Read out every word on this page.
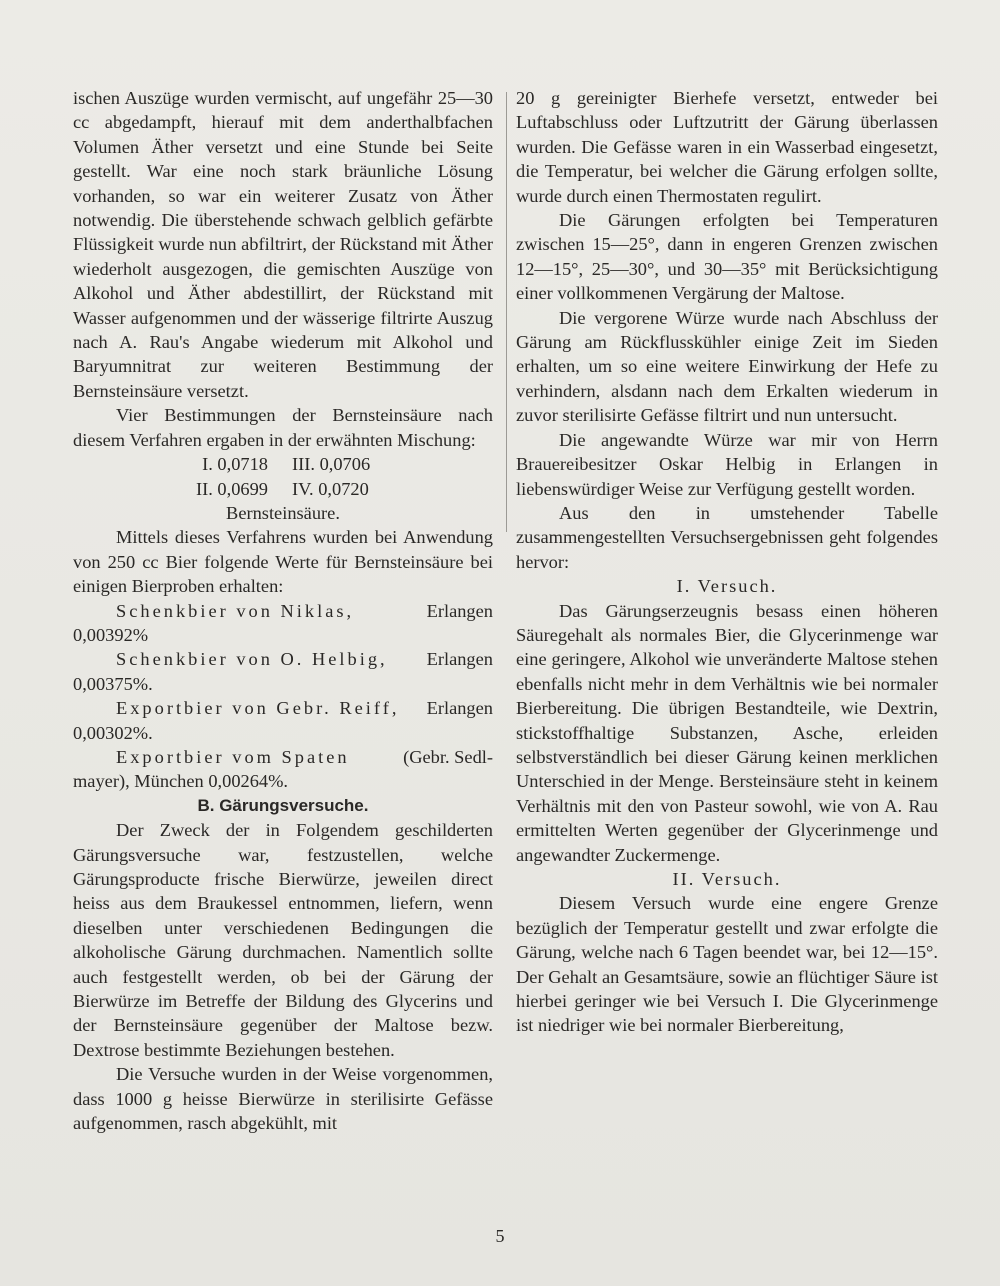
ischen Auszüge wurden vermischt, auf ungefähr 25—30 cc abgedampft, hierauf mit dem anderthalbfachen Volumen Äther versetzt und eine Stunde bei Seite gestellt. War eine noch stark bräunliche Lösung vorhanden, so war ein weiterer Zusatz von Äther notwendig. Die überstehende schwach gelblich gefärbte Flüssigkeit wurde nun abfiltrirt, der Rückstand mit Äther wiederholt ausgezogen, die gemischten Auszüge von Alkohol und Äther abdestillirt, der Rückstand mit Wasser aufgenommen und der wässerige filtrirte Auszug nach A. Rau's Angabe wiederum mit Alkohol und Baryumnitrat zur weiteren Bestimmung der Bernsteinsäure versetzt.

Vier Bestimmungen der Bernsteinsäure nach diesem Verfahren ergaben in der erwähnten Mischung:

I. 0,0718	III. 0,0706
II. 0,0699	IV. 0,0720

Bernsteinsäure.

Mittels dieses Verfahrens wurden bei Anwendung von 250 cc Bier folgende Werte für Bernsteinsäure bei einigen Bierproben erhalten:

Schenkbier von Niklas,	Erlangen

0,00392%

Schenkbier von O. Helbig, Erlangen

0,00375%.

Exportbier von Gebr. Reiff, Erlangen

0,00302%.

Exportbier vom Spaten	(Gebr. Sedl-

mayer), München 0,00264%.

B. Gärungsversuche.

Der Zweck der in Folgendem geschilderten Gärungsversuche war, festzustellen, welche Gärungsproducte frische Bierwürze, jeweilen direct heiss aus dem Braukessel entnommen, liefern, wenn dieselben unter verschiedenen Bedingungen die alkoholische Gärung durchmachen. Namentlich sollte auch festgestellt werden, ob bei der Gärung der Bierwürze im Betreffe der Bildung des Glycerins und der Bernsteinsäure gegenüber der Maltose bezw. Dextrose bestimmte Beziehungen bestehen.

Die Versuche wurden in der Weise vorgenommen, dass 1000 g heisse Bierwürze in sterilisirte Gefässe aufgenommen, rasch abgekühlt, mit

20 g gereinigter Bierhefe versetzt, entweder bei Luftabschluss oder Luftzutritt der Gärung überlassen wurden. Die Gefässe waren in ein Wasserbad eingesetzt, die Temperatur, bei welcher die Gärung erfolgen sollte, wurde durch einen Thermostaten regulirt.

Die Gärungen erfolgten bei Temperaturen zwischen 15—25°, dann in engeren Grenzen zwischen 12—15°, 25—30°, und 30—35° mit Berücksichtigung einer vollkommenen Vergärung der Maltose.

Die vergorene Würze wurde nach Abschluss der Gärung am Rückflusskühler einige Zeit im Sieden erhalten, um so eine weitere Einwirkung der Hefe zu verhindern, alsdann nach dem Erkalten wiederum in zuvor sterilisirte Gefässe filtrirt und nun untersucht.

Die angewandte Würze war mir von Herrn Brauereibesitzer Oskar Helbig in Erlangen in liebenswürdiger Weise zur Verfügung gestellt worden.

Aus den in umstehender Tabelle zusammengestellten Versuchsergebnissen geht folgendes hervor:

I. Versuch.

Das Gärungserzeugnis besass einen höheren Säuregehalt als normales Bier, die Glycerinmenge war eine geringere, Alkohol wie unveränderte Maltose stehen ebenfalls nicht mehr in dem Verhältnis wie bei normaler Bierbereitung. Die übrigen Bestandteile, wie Dextrin, stickstoffhaltige Substanzen, Asche, erleiden selbstverständlich bei dieser Gärung keinen merklichen Unterschied in der Menge. Bersteinsäure steht in keinem Verhältnis mit den von Pasteur sowohl, wie von A. Rau ermittelten Werten gegenüber der Glycerinmenge und angewandter Zuckermenge.

II. Versuch.

Diesem Versuch wurde eine engere Grenze bezüglich der Temperatur gestellt und zwar erfolgte die Gärung, welche nach 6 Tagen beendet war, bei 12—15°. Der Gehalt an Gesamtsäure, sowie an flüchtiger Säure ist hierbei geringer wie bei Versuch I. Die Glycerinmenge ist niedriger wie bei normaler Bierbereitung,

5
